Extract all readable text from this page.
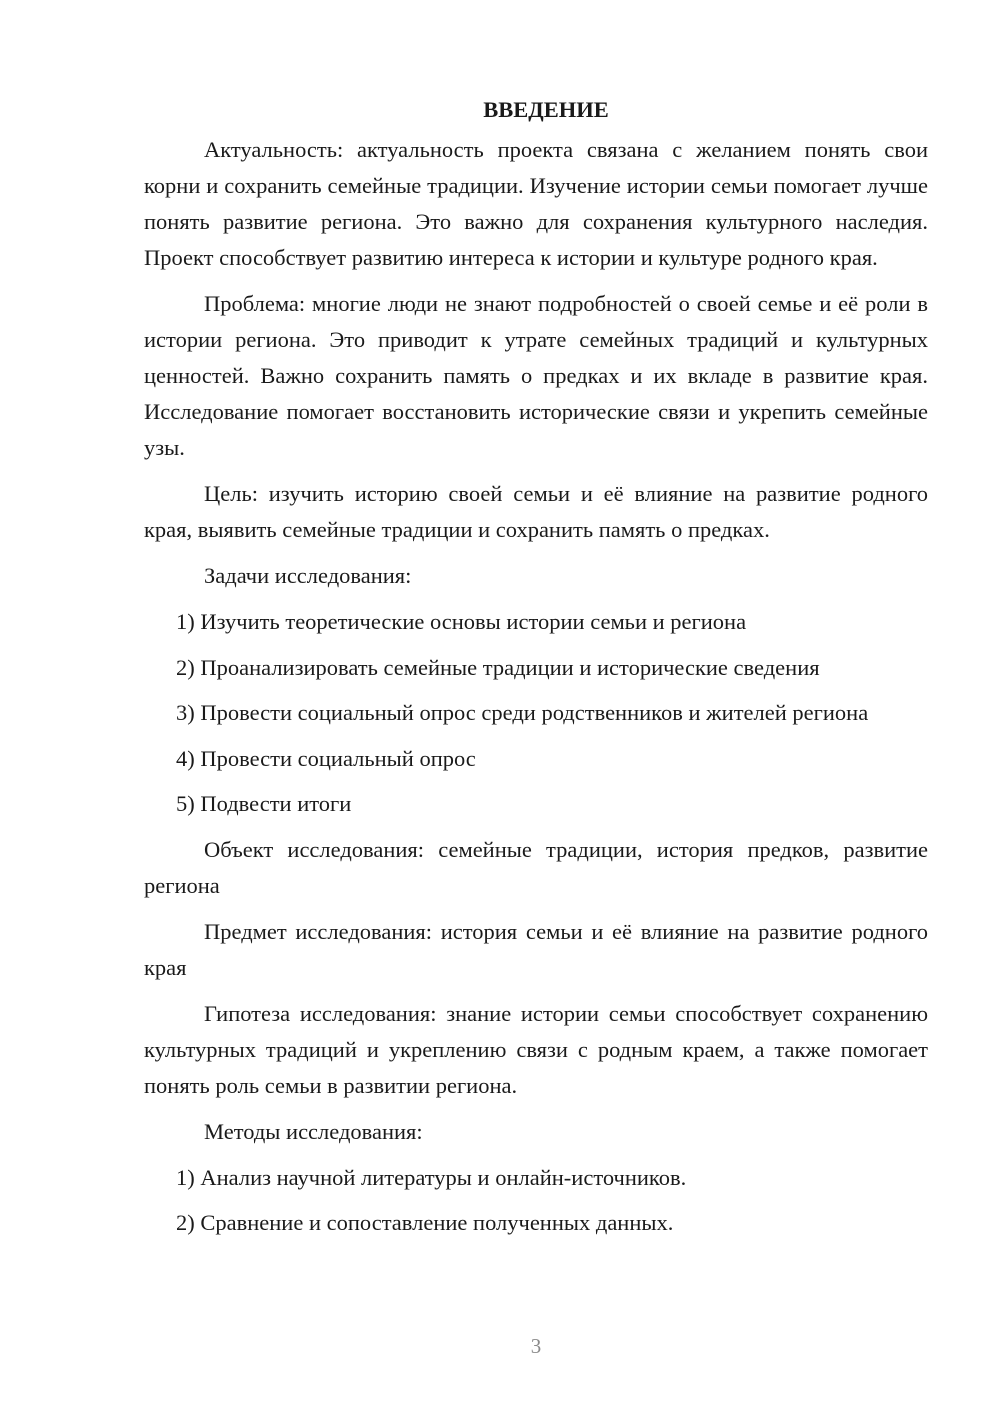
ВВЕДЕНИЕ

Актуальность: актуальность проекта связана с желанием понять свои корни и сохранить семейные традиции. Изучение истории семьи помогает лучше понять развитие региона. Это важно для сохранения культурного наследия. Проект способствует развитию интереса к истории и культуре родного края.

Проблема: многие люди не знают подробностей о своей семье и её роли в истории региона. Это приводит к утрате семейных традиций и культурных ценностей. Важно сохранить память о предках и их вкладе в развитие края. Исследование помогает восстановить исторические связи и укрепить семейные узы.

Цель: изучить историю своей семьи и её влияние на развитие родного края, выявить семейные традиции и сохранить память о предках.

Задачи исследования:

1) Изучить теоретические основы истории семьи и региона

2) Проанализировать семейные традиции и исторические сведения

3) Провести социальный опрос среди родственников и жителей региона

4) Провести социальный опрос

5) Подвести итоги

Объект исследования: семейные традиции, история предков, развитие региона

Предмет исследования: история семьи и её влияние на развитие родного края

Гипотеза исследования: знание истории семьи способствует сохранению культурных традиций и укреплению связи с родным краем, а также помогает понять роль семьи в развитии региона.

Методы исследования:

1) Анализ научной литературы и онлайн-источников.

2) Сравнение и сопоставление полученных данных.

3
